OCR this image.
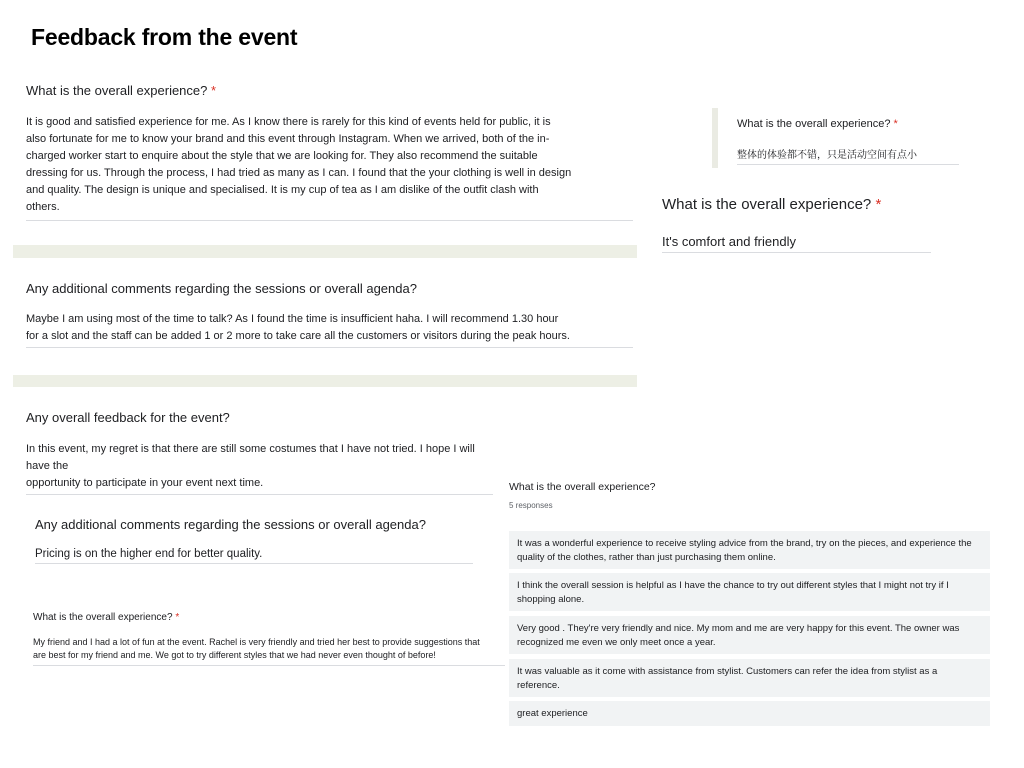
Feedback from the event
What is the overall experience? *
It is good and satisfied experience for me. As I know there is rarely for this kind of events held for public, it is
also fortunate for me to know your brand and this event through Instagram. When we arrived, both of the in-
charged worker start to enquire about the style that we are looking for. They also recommend the suitable
dressing for us. Through the process, I had tried as many as I can. I found that the your clothing is well in design
and quality. The design is unique and specialised. It is my cup of tea as I am dislike of the outfit clash with
others.
What is the overall experience? *
整体的体验都不错，只是活动空间有点小
What is the overall experience? *
It's comfort and friendly
Any additional comments regarding the sessions or overall agenda?
Maybe I am using most of the time to talk? As I found the time is insufficient haha. I will recommend 1.30 hour
for a slot and the staff can be added 1 or 2 more to take care all the customers or visitors during the peak hours.
Any overall feedback for the event?
In this event, my regret is that there are still some costumes that I have not tried. I hope I will have the
opportunity to participate in your event next time.
Any additional comments regarding the sessions or overall agenda?
Pricing is on the higher end for better quality.
What is the overall experience? *
My friend and I had a lot of fun at the event. Rachel is very friendly and tried her best to provide suggestions that
are best for my friend and me. We got to try different styles that we had never even thought of before!
What is the overall experience?
5 responses
It was a wonderful experience to receive styling advice from the brand, try on the pieces, and experience the
quality of the clothes, rather than just purchasing them online.
I think the overall session is helpful as I have the chance to try out different styles that I might not try if I
shopping alone.
Very good . They're very friendly and nice. My mom and me are very happy for this event. The owner was
recognized me even we only meet once a year.
It was valuable as it come with assistance from stylist. Customers can refer the idea from stylist as a
reference.
great experience
